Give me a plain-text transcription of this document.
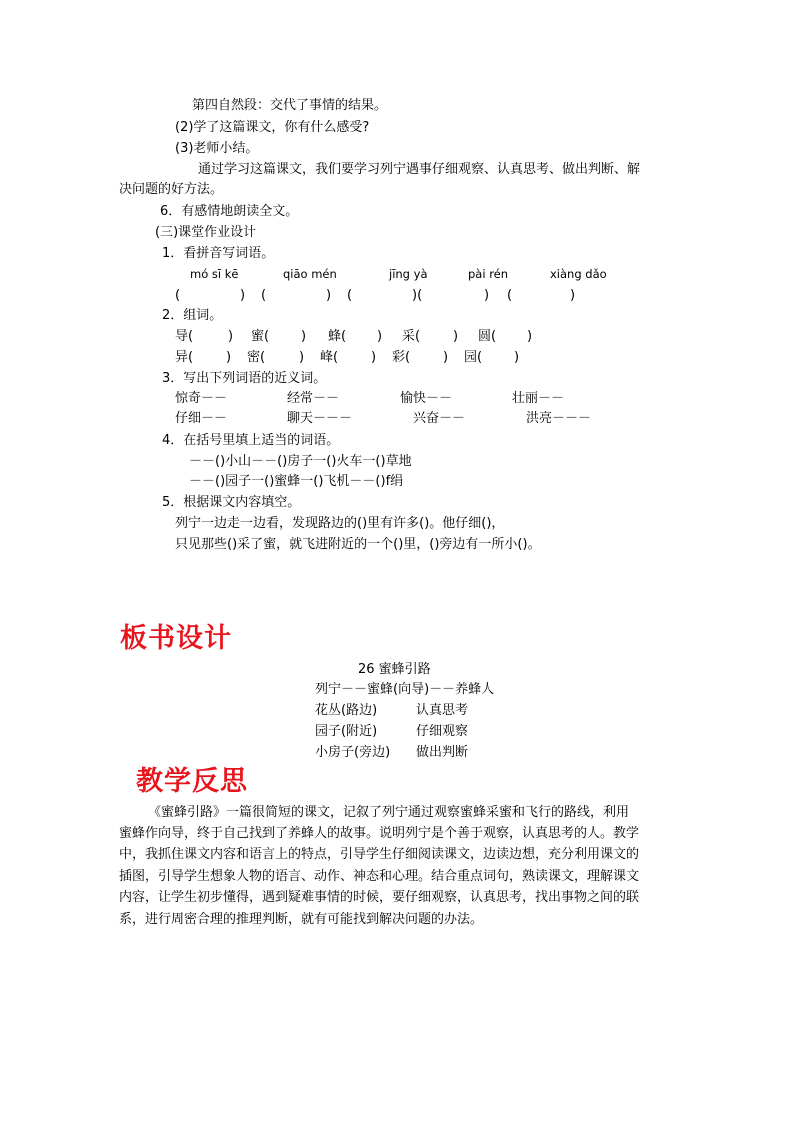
第四自然段：交代了事情的结果。
(2)学了这篇课文，你有什么感受?
(3)老师小结。
通过学习这篇课文，我们要学习列宁遇事仔细观察、认真思考、做出判断、解
决问题的好方法。
6．有感情地朗读全文。
(三)课堂作业设计
1．看拼音写词语。
mó sī kē	qiāo mén	jīng yà	pài rén	xiàng dǎo
(	) (	) (	)(	) (	)
2．组词。
导(	) 蜜( ) 蜂( ) 采(	) 圆( )
异(	) 密(	) 峰(	) 彩(	) 园( )
3．写出下列词语的近义词。
惊奇－－	经常－－	愉快－－	壮丽－－
仔细－－	聊天－－－	兴奋－－	洪亮－－－
4．在括号里填上适当的词语。
－－()小山－－()房子一()火车一()草地
－－()园子一()蜜蜂一()飞机－－()f绢
5．根据课文内容填空。
列宁一边走一边看，发现路边的()里有许多()。他仔细()，
只见那些()采了蜜，就飞进附近的一个()里，()旁边有一所小()。
板书设计
26 蜜蜂引路
列宁－－蜜蜂(向导)－－养蜂人
花丛(路边)	认真思考
园子(附近)	仔细观察
小房子(旁边) 做出判断
教学反思
《蜜蜂引路》一篇很简短的课文，记叙了列宁通过观察蜜蜂采蜜和飞行的路线，利用
蜜蜂作向导，终于自己找到了养蜂人的故事。说明列宁是个善于观察，认真思考的人。教学
中，我抓住课文内容和语言上的特点，引导学生仔细阅读课文，边读边想，充分利用课文的
插图，引导学生想象人物的语言、动作、神态和心理。结合重点词句，熟读课文，理解课文
内容，让学生初步懂得，遇到疑难事情的时候，要仔细观察，认真思考，找出事物之间的联
系，进行周密合理的推理判断，就有可能找到解决问题的办法。
